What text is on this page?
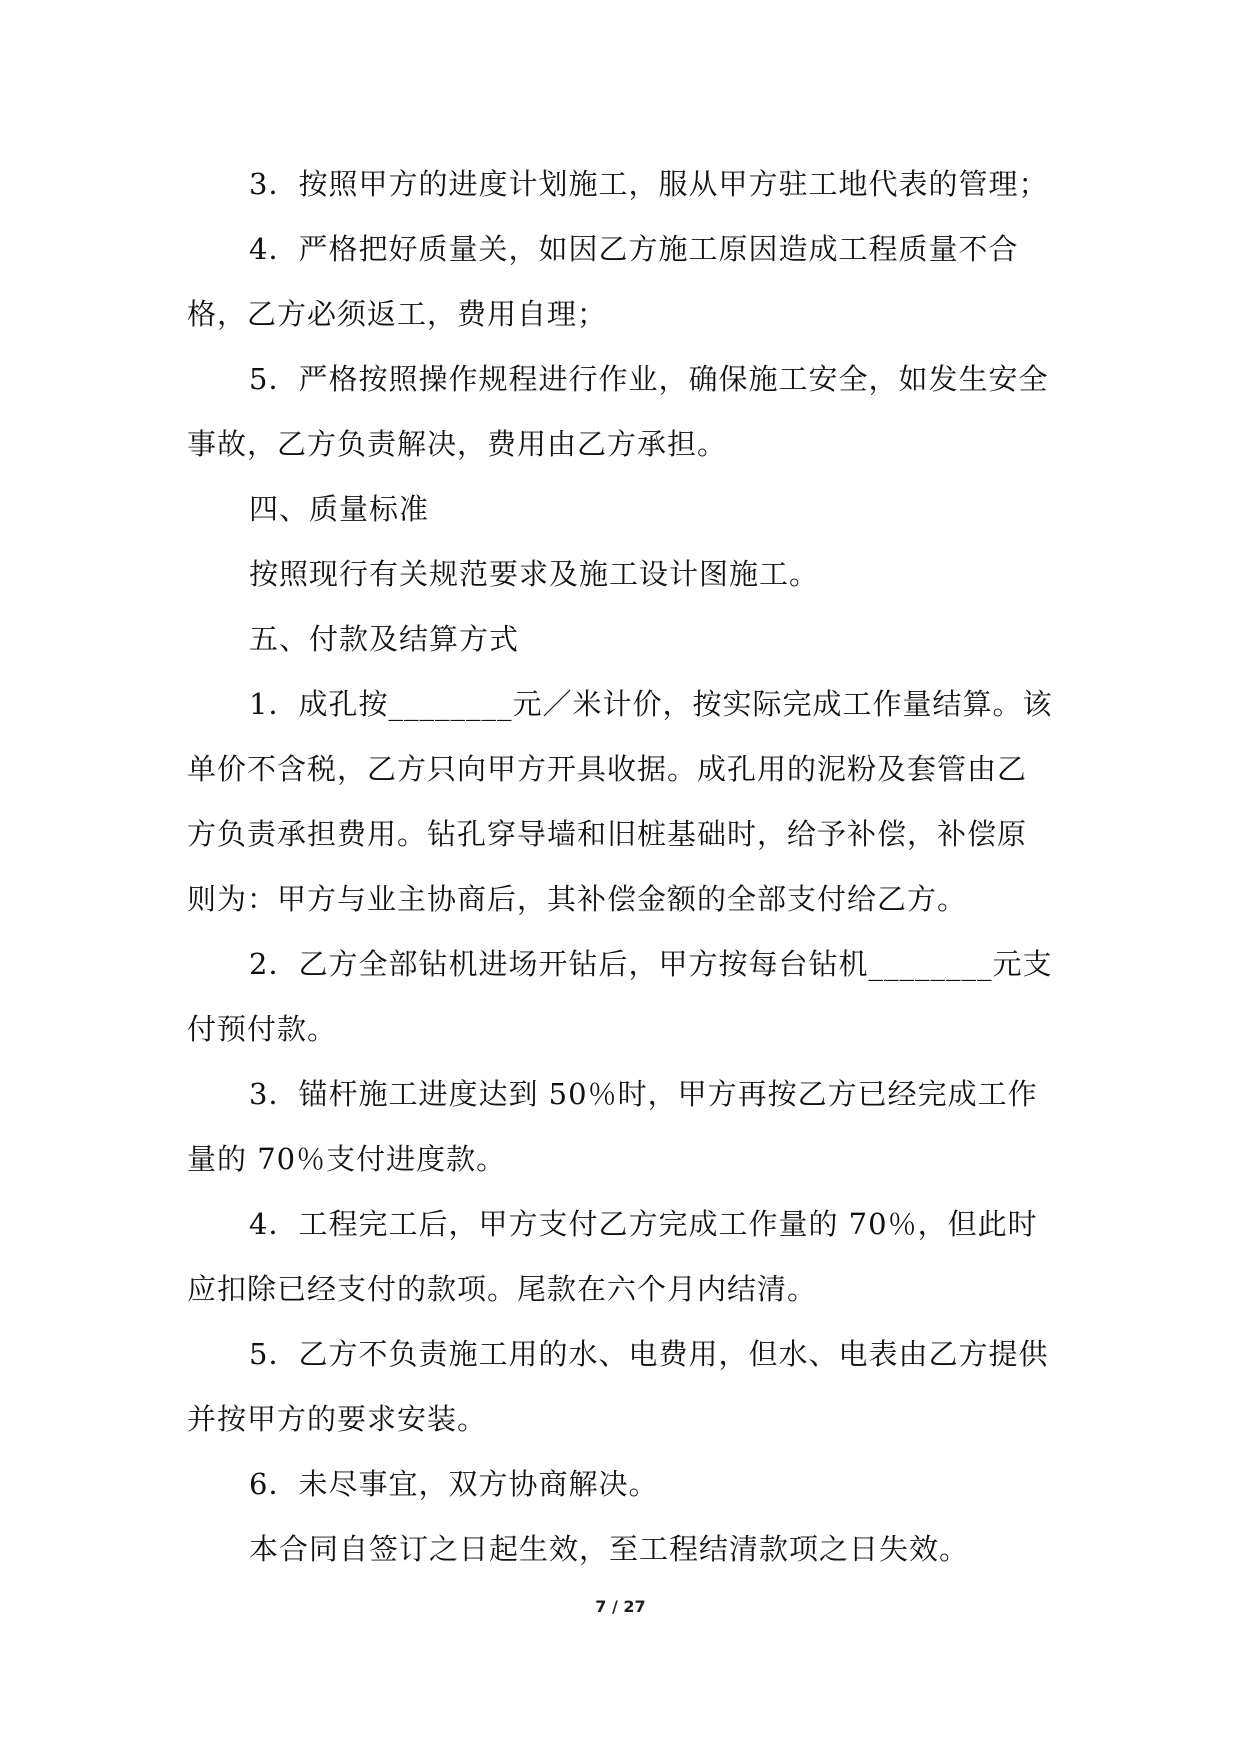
3．按照甲方的进度计划施工，服从甲方驻工地代表的管理；

4．严格把好质量关，如因乙方施工原因造成工程质量不合格，乙方必须返工，费用自理；

5．严格按照操作规程进行作业，确保施工安全，如发生安全事故，乙方负责解决，费用由乙方承担。

四、质量标准

按照现行有关规范要求及施工设计图施工。

五、付款及结算方式

1．成孔按________元／米计价，按实际完成工作量结算。该单价不含税，乙方只向甲方开具收据。成孔用的泥粉及套管由乙方负责承担费用。钻孔穿导墙和旧桩基础时，给予补偿，补偿原则为：甲方与业主协商后，其补偿金额的全部支付给乙方。

2．乙方全部钻机进场开钻后，甲方按每台钻机________元支付预付款。

3．锚杆施工进度达到 50％时，甲方再按乙方已经完成工作量的 70％支付进度款。

4．工程完工后，甲方支付乙方完成工作量的 70％，但此时应扣除已经支付的款项。尾款在六个月内结清。

5．乙方不负责施工用的水、电费用，但水、电表由乙方提供并按甲方的要求安装。

6．未尽事宜，双方协商解决。

本合同自签订之日起生效，至工程结清款项之日失效。

7 / 27
